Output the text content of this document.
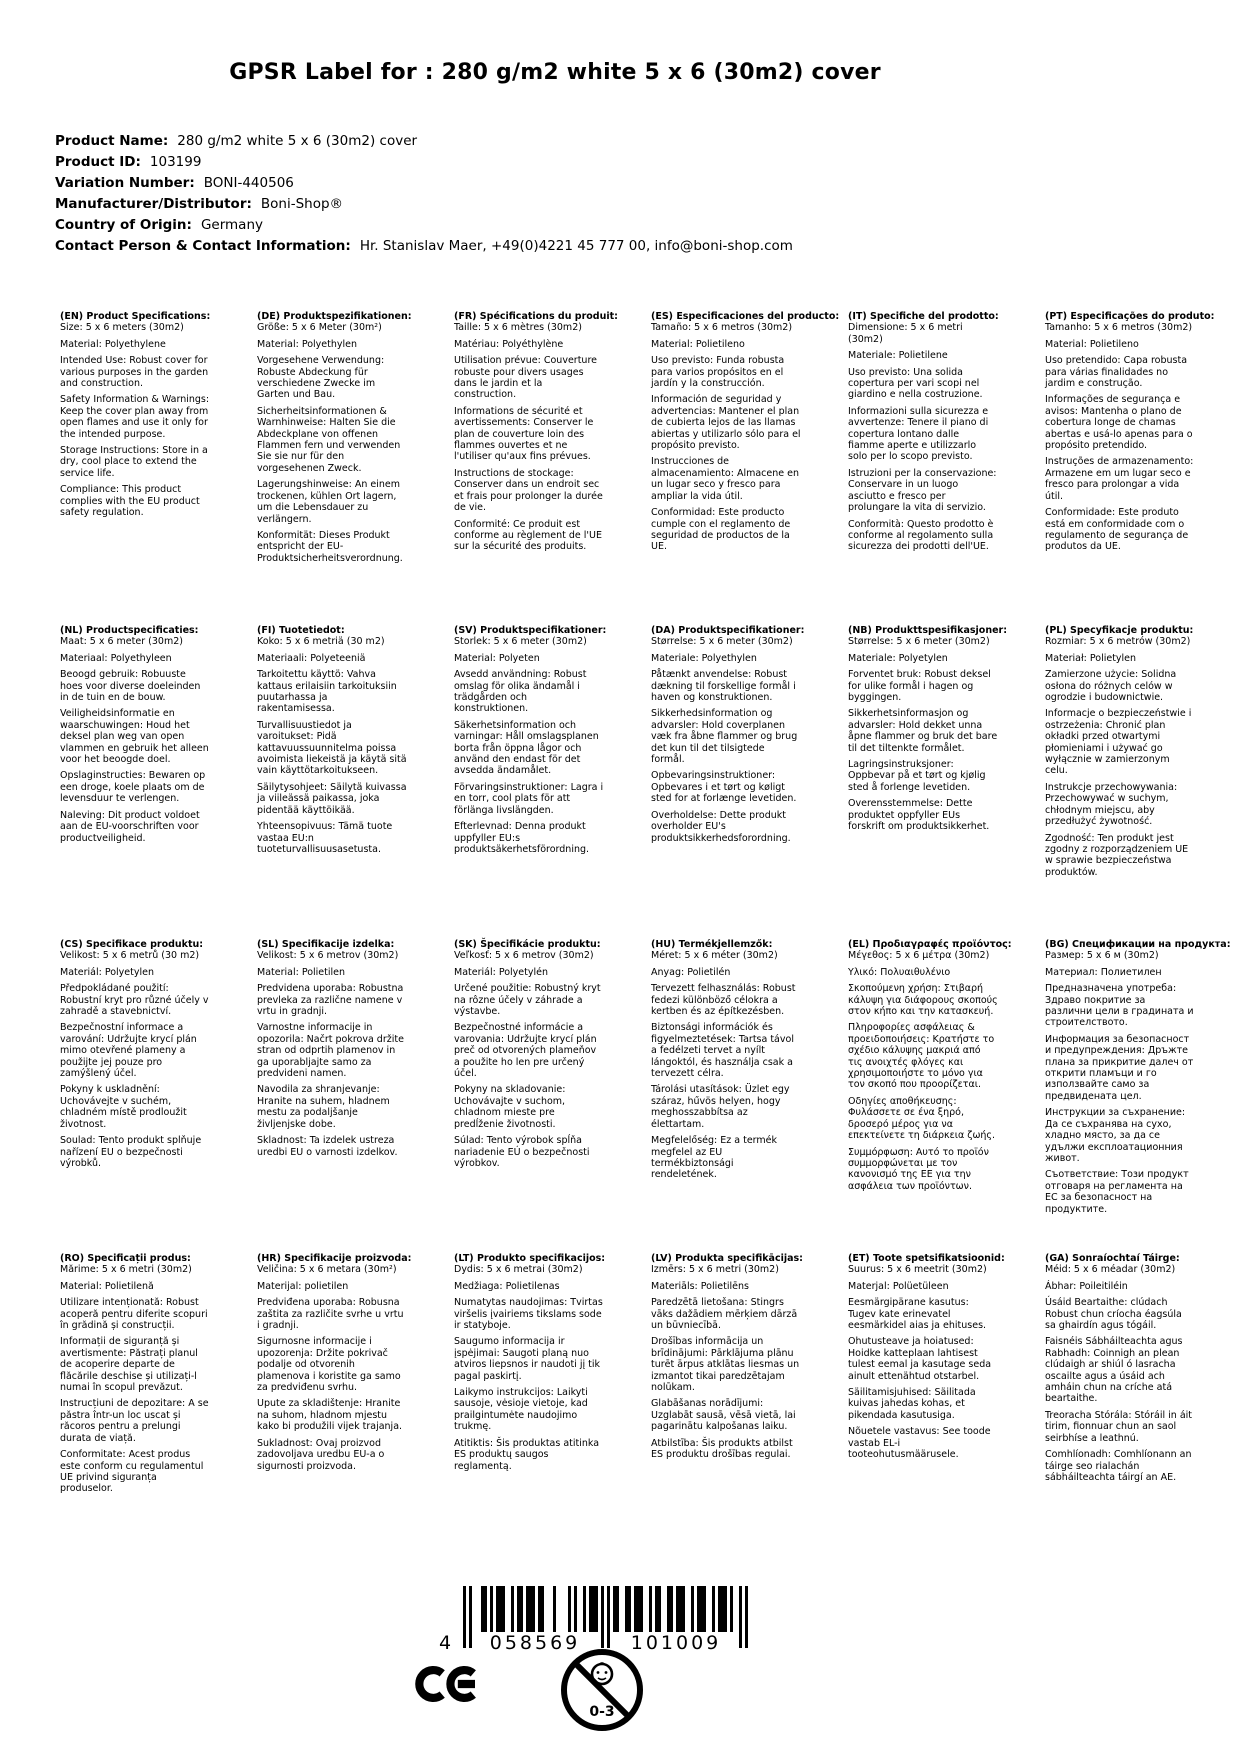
GPSR Label for : 280 g/m2 white 5 x 6 (30m2) cover
Product Name: 280 g/m2 white 5 x 6 (30m2) cover
Product ID: 103199
Variation Number: BONI-440506
Manufacturer/Distributor: Boni-Shop®
Country of Origin: Germany
Contact Person & Contact Information: Hr. Stanislav Maer, +49(0)4221 45 777 00, info@boni-shop.com
(EN) Product Specifications:

Size: 5 x 6 meters (30m2)

Material: Polyethylene

Intended Use: Robust cover for various purposes in the garden and construction.

Safety Information & Warnings: Keep the cover plan away from open flames and use it only for the intended purpose.

Storage Instructions: Store in a dry, cool place to extend the service life.

Compliance: This product complies with the EU product safety regulation.

(DE) Produktspezifikationen:

Größe: 5 x 6 Meter (30m²)

Material: Polyethylen

Vorgesehene Verwendung: Robuste Abdeckung für verschiedene Zwecke im Garten und Bau.

Sicherheitsinformationen & Warnhinweise: Halten Sie die Abdeckplane von offenen Flammen fern und verwenden Sie sie nur für den vorgesehenen Zweck.

Lagerungshinweise: An einem trockenen, kühlen Ort lagern, um die Lebensdauer zu verlängern.

Konformität: Dieses Produkt entspricht der EU-Produktsicherheitsverordnung.

(FR) Spécifications du produit:

Taille: 5 x 6 mètres (30m2)

Matériau: Polyéthylène

Utilisation prévue: Couverture robuste pour divers usages dans le jardin et la construction.

Informations de sécurité et avertissements: Conserver le plan de couverture loin des flammes ouvertes et ne l'utiliser qu'aux fins prévues.

Instructions de stockage: Conserver dans un endroit sec et frais pour prolonger la durée de vie.

Conformité: Ce produit est conforme au règlement de l'UE sur la sécurité des produits.

(ES) Especificaciones del producto:

Tamaño: 5 x 6 metros (30m2)

Material: Polietileno

Uso previsto: Funda robusta para varios propósitos en el jardín y la construcción.

Información de seguridad y advertencias: Mantener el plan de cubierta lejos de las llamas abiertas y utilizarlo sólo para el propósito previsto.

Instrucciones de almacenamiento: Almacene en un lugar seco y fresco para ampliar la vida útil.

Conformidad: Este producto cumple con el reglamento de seguridad de productos de la UE.

(IT) Specifiche del prodotto:

Dimensione: 5 x 6 metri (30m2)

Materiale: Polietilene

Uso previsto: Una solida copertura per vari scopi nel giardino e nella costruzione.

Informazioni sulla sicurezza e avvertenze: Tenere il piano di copertura lontano dalle fiamme aperte e utilizzarlo solo per lo scopo previsto.

Istruzioni per la conservazione: Conservare in un luogo asciutto e fresco per prolungare la vita di servizio.

Conformità: Questo prodotto è conforme al regolamento sulla sicurezza dei prodotti dell'UE.

(PT) Especificações do produto:

Tamanho: 5 x 6 metros (30m2)

Material: Polietileno

Uso pretendido: Capa robusta para várias finalidades no jardim e construção.

Informações de segurança e avisos: Mantenha o plano de cobertura longe de chamas abertas e usá-lo apenas para o propósito pretendido.

Instruções de armazenamento: Armazene em um lugar seco e fresco para prolongar a vida útil.

Conformidade: Este produto está em conformidade com o regulamento de segurança de produtos da UE.

(NL) Productspecificaties:

Maat: 5 x 6 meter (30m2)

Materiaal: Polyethyleen

Beoogd gebruik: Robuuste hoes voor diverse doeleinden in de tuin en de bouw.

Veiligheidsinformatie en waarschuwingen: Houd het deksel plan weg van open vlammen en gebruik het alleen voor het beoogde doel.

Opslaginstructies: Bewaren op een droge, koele plaats om de levensduur te verlengen.

Naleving: Dit product voldoet aan de EU-voorschriften voor productveiligheid.

(FI) Tuotetiedot:

Koko: 5 x 6 metriä (30 m2)

Materiaali: Polyeteeniä

Tarkoitettu käyttö: Vahva kattaus erilaisiin tarkoituksiin puutarhassa ja rakentamisessa.

Turvallisuustiedot ja varoitukset: Pidä kattavuussuunnitelma poissa avoimista liekeistä ja käytä sitä vain käyttötarkoitukseen.

Säilytysohjeet: Säilytä kuivassa ja viileässä paikassa, joka pidentää käyttöikää.

Yhteensopivuus: Tämä tuote vastaa EU:n tuoteturvallisuusasetusta.

(SV) Produktspecifikationer:

Storlek: 5 x 6 meter (30m2)

Material: Polyeten

Avsedd användning: Robust omslag för olika ändamål i trädgården och konstruktionen.

Säkerhetsinformation och varningar: Håll omslagsplanen borta från öppna lågor och använd den endast för det avsedda ändamålet.

Förvaringsinstruktioner: Lagra i en torr, cool plats för att förlänga livslängden.

Efterlevnad: Denna produkt uppfyller EU:s produktsäkerhetsförordning.

(DA) Produktspecifikationer:

Størrelse: 5 x 6 meter (30m2)

Materiale: Polyethylen

Påtænkt anvendelse: Robust dækning til forskellige formål i haven og konstruktionen.

Sikkerhedsinformation og advarsler: Hold coverplanen væk fra åbne flammer og brug det kun til det tilsigtede formål.

Opbevaringsinstruktioner: Opbevares i et tørt og køligt sted for at forlænge levetiden.

Overholdelse: Dette produkt overholder EU's produktsikkerhedsforordning.

(NB) Produkttspesifikasjoner:

Størrelse: 5 x 6 meter (30m2)

Materiale: Polyetylen

Forventet bruk: Robust deksel for ulike formål i hagen og byggingen.

Sikkerhetsinformasjon og advarsler: Hold dekket unna åpne flammer og bruk det bare til det tiltenkte formålet.

Lagringsinstruksjoner: Oppbevar på et tørt og kjølig sted å forlenge levetiden.

Overensstemmelse: Dette produktet oppfyller EUs forskrift om produktsikkerhet.

(PL) Specyfikacje produktu:

Rozmiar: 5 x 6 metrów (30m2)

Materiał: Polietylen

Zamierzone użycie: Solidna osłona do różnych celów w ogrodzie i budownictwie.

Informacje o bezpieczeństwie i ostrzeżenia: Chronić plan okładki przed otwartymi płomieniami i używać go wyłącznie w zamierzonym celu.

Instrukcje przechowywania: Przechowywać w suchym, chłodnym miejscu, aby przedłużyć żywotność.

Zgodność: Ten produkt jest zgodny z rozporządzeniem UE w sprawie bezpieczeństwa produktów.

(CS) Specifikace produktu:

Velikost: 5 x 6 metrů (30 m2)

Materiál: Polyetylen

Předpokládané použití: Robustní kryt pro různé účely v zahradě a stavebnictví.

Bezpečnostní informace a varování: Udržujte krycí plán mimo otevřené plameny a použijte jej pouze pro zamýšlený účel.

Pokyny k uskladnění: Uchovávejte v suchém, chladném místě prodloužit životnost.

Soulad: Tento produkt splňuje nařízení EU o bezpečnosti výrobků.

(SL) Specifikacije izdelka:

Velikost: 5 x 6 metrov (30m2)

Material: Polietilen

Predvidena uporaba: Robustna prevleka za različne namene v vrtu in gradnji.

Varnostne informacije in opozorila: Načrt pokrova držite stran od odprtih plamenov in ga uporabljajte samo za predvideni namen.

Navodila za shranjevanje: Hranite na suhem, hladnem mestu za podaljšanje življenjske dobe.

Skladnost: Ta izdelek ustreza uredbi EU o varnosti izdelkov.

(SK) Špecifikácie produktu:

Veľkosť: 5 x 6 metrov (30m2)

Materiál: Polyetylén

Určené použitie: Robustný kryt na rôzne účely v záhrade a výstavbe.

Bezpečnostné informácie a varovania: Udržujte krycí plán preč od otvorených plameňov a použite ho len pre určený účel.

Pokyny na skladovanie: Uchovávajte v suchom, chladnom mieste pre predĺženie životnosti.

Súlad: Tento výrobok spĺňa nariadenie EÚ o bezpečnosti výrobkov.

(HU) Termékjellemzők:

Méret: 5 x 6 méter (30m2)

Anyag: Polietilén

Tervezett felhasználás: Robust fedezi különböző célokra a kertben és az építkezésben.

Biztonsági információk és figyelmeztetések: Tartsa távol a fedélzeti tervet a nyílt lángoktól, és használja csak a tervezett célra.

Tárolási utasítások: Üzlet egy száraz, hűvös helyen, hogy meghosszabbítsa az élettartam.

Megfelelőség: Ez a termék megfelel az EU termékbiztonsági rendeletének.

(EL) Προδιαγραφές προϊόντος:

Μέγεθος: 5 x 6 μέτρα (30m2)

Υλικό: Πολυαιθυλένιο

Σκοπούμενη χρήση: Στιβαρή κάλυψη για διάφορους σκοπούς στον κήπο και την κατασκευή.

Πληροφορίες ασφάλειας & προειδοποιήσεις: Κρατήστε το σχέδιο κάλυψης μακριά από τις ανοιχτές φλόγες και χρησιμοποιήστε το μόνο για τον σκοπό που προορίζεται.

Οδηγίες αποθήκευσης: Φυλάσσετε σε ένα ξηρό, δροσερό μέρος για να επεκτείνετε τη διάρκεια ζωής.

Συμμόρφωση: Αυτό το προϊόν συμμορφώνεται με τον κανονισμό της ΕΕ για την ασφάλεια των προϊόντων.

(BG) Спецификации на продукта:

Размер: 5 x 6 м (30m2)

Материал: Полиетилен

Предназначена употреба: Здраво покритие за различни цели в градината и строителството.

Информация за безопасност и предупреждения: Дръжте плана за прикритие далеч от открити пламъци и го използвайте само за предвидената цел.

Инструкции за съхранение: Да се съхранява на сухо, хладно място, за да се удължи експлоатационния живот.

Съответствие: Този продукт отговаря на регламента на ЕС за безопасност на продуктите.

(RO) Specificații produs:

Mărime: 5 x 6 metri (30m2)

Material: Polietilenă

Utilizare intenționată: Robust acoperă pentru diferite scopuri în grădină și construcții.

Informații de siguranță și avertismente: Păstrați planul de acoperire departe de flăcările deschise și utilizați-l numai în scopul prevăzut.

Instrucțiuni de depozitare: A se păstra într-un loc uscat și răcoros pentru a prelungi durata de viață.

Conformitate: Acest produs este conform cu regulamentul UE privind siguranța produselor.

(HR) Specifikacije proizvoda:

Veličina: 5 x 6 metara (30m²)

Materijal: polietilen

Predviđena uporaba: Robusna zaštita za različite svrhe u vrtu i gradnji.

Sigurnosne informacije i upozorenja: Držite pokrivač podalje od otvorenih plamenova i koristite ga samo za predviđenu svrhu.

Upute za skladištenje: Hranite na suhom, hladnom mjestu kako bi produžili vijek trajanja.

Sukladnost: Ovaj proizvod zadovoljava uredbu EU-a o sigurnosti proizvoda.

(LT) Produkto specifikacijos:

Dydis: 5 x 6 metrai (30m2)

Medžiaga: Polietilenas

Numatytas naudojimas: Tvirtas viršelis įvairiems tikslams sode ir statyboje.

Saugumo informacija ir įspėjimai: Saugoti planą nuo atviros liepsnos ir naudoti jį tik pagal paskirtį.

Laikymo instrukcijos: Laikyti sausoje, vėsioje vietoje, kad prailgintumėte naudojimo trukmę.

Atitiktis: Šis produktas atitinka ES produktų saugos reglamentą.

(LV) Produkta specifikācijas:

Izmērs: 5 x 6 metri (30m2)

Materiāls: Polietilēns

Paredzētā lietošana: Stingrs vāks dažādiem mērķiem dārzā un būvniecībā.

Drošības informācija un brīdinājumi: Pārklājuma plānu turēt ārpus atklātas liesmas un izmantot tikai paredzētajam nolūkam.

Glabāšanas norādījumi: Uzglabāt sausā, vēsā vietā, lai pagarinātu kalpošanas laiku.

Atbilstība: Šis produkts atbilst ES produktu drošības regulai.

(ET) Toote spetsifikatsioonid:

Suurus: 5 x 6 meetrit (30m2)

Materjal: Polüetüleen

Eesmärgipärane kasutus: Tugev kate erinevatel eesmärkidel aias ja ehituses.

Ohutusteave ja hoiatused: Hoidke katteplaan lahtisest tulest eemal ja kasutage seda ainult ettenähtud otstarbel.

Säilitamisjuhised: Säilitada kuivas jahedas kohas, et pikendada kasutusiga.

Nõuetele vastavus: See toode vastab EL-i tooteohutusmäärusele.

(GA) Sonraíochtaí Táirge:

Méid: 5 x 6 méadar (30m2)

Ábhar: Poileitiléin

Úsáid Beartaithe: clúdach Robust chun críocha éagsúla sa ghairdín agus tógáil.

Faisnéis Sábháilteachta agus Rabhadh: Coinnigh an plean clúdaigh ar shiúl ó lasracha oscailte agus a úsáid ach amháin chun na críche atá beartaithe.

Treoracha Stórála: Stóráil in áit tirim, fionnuar chun an saol seirbhíse a leathnú.

Comhlíonadh: Comhlíonann an táirge seo rialachán sábháilteachta táirgí an AE.

4 058569	101009
0-3
